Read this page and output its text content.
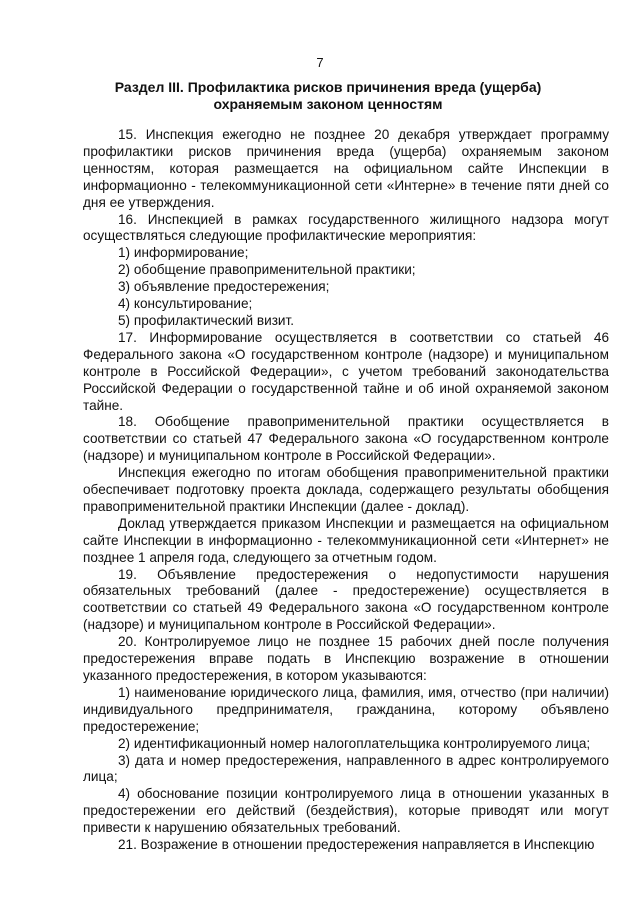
7
Раздел III. Профилактика рисков причинения вреда (ущерба) охраняемым законом ценностям

15. Инспекция ежегодно не позднее 20 декабря утверждает программу профилактики рисков причинения вреда (ущерба) охраняемым законом ценностям, которая размещается на официальном сайте Инспекции в информационно - телекоммуникационной сети «Интерне» в течение пяти дней со дня ее утверждения.

16. Инспекцией в рамках государственного жилищного надзора могут осуществляться следующие профилактические мероприятия:

1) информирование;

2) обобщение правоприменительной практики;

3) объявление предостережения;

4) консультирование;

5) профилактический визит.

17. Информирование осуществляется в соответствии со статьей 46 Федерального закона «О государственном контроле (надзоре) и муниципальном контроле в Российской Федерации», с учетом требований законодательства Российской Федерации о государственной тайне и об иной охраняемой законом тайне.

18. Обобщение правоприменительной практики осуществляется в соответствии со статьей 47 Федерального закона «О государственном контроле (надзоре) и муниципальном контроле в Российской Федерации».

Инспекция ежегодно по итогам обобщения правоприменительной практики обеспечивает подготовку проекта доклада, содержащего результаты обобщения правоприменительной практики Инспекции (далее - доклад).

Доклад утверждается приказом Инспекции и размещается на официальном сайте Инспекции в информационно - телекоммуникационной сети «Интернет» не позднее 1 апреля года, следующего за отчетным годом.

19. Объявление предостережения о недопустимости нарушения обязательных требований (далее - предостережение) осуществляется в соответствии со статьей 49 Федерального закона «О государственном контроле (надзоре) и муниципальном контроле в Российской Федерации».

20. Контролируемое лицо не позднее 15 рабочих дней после получения предостережения вправе подать в Инспекцию возражение в отношении указанного предостережения, в котором указываются:

1) наименование юридического лица, фамилия, имя, отчество (при наличии) индивидуального предпринимателя, гражданина, которому объявлено предостережение;

2) идентификационный номер налогоплательщика контролируемого лица;

3) дата и номер предостережения, направленного в адрес контролируемого лица;

4) обоснование позиции контролируемого лица в отношении указанных в предостережении его действий (бездействия), которые приводят или могут привести к нарушению обязательных требований.

21. Возражение в отношении предостережения направляется в Инспекцию
